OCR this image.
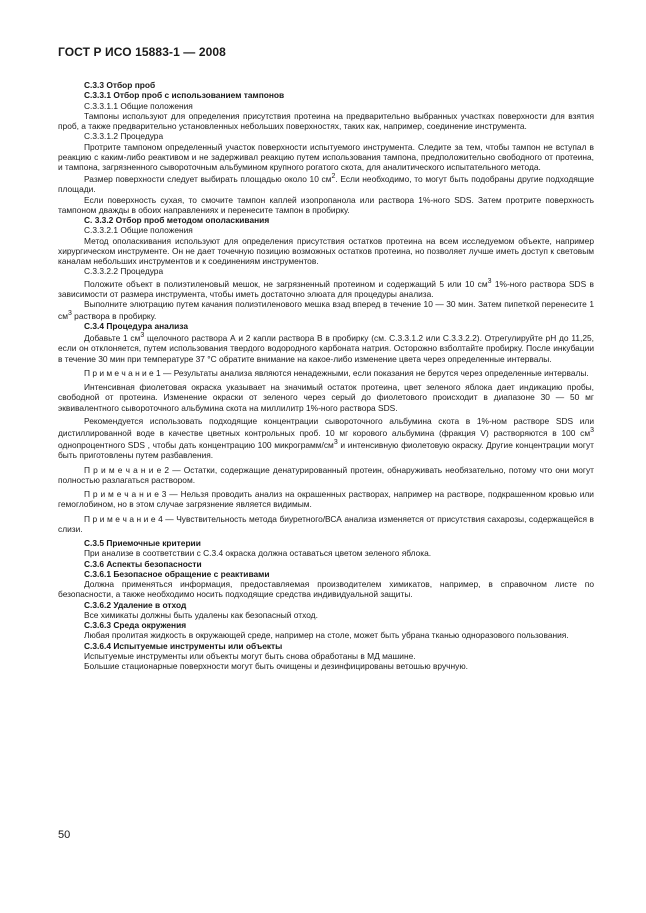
ГОСТ Р ИСО 15883-1 — 2008

С.3.3 Отбор проб

С.3.3.1 Отбор проб с использованием тампонов

С.3.3.1.1 Общие положения

Тампоны используют для определения присутствия протеина на предварительно выбранных участках поверхности для взятия проб, а также предварительно установленных небольших поверхностях, таких как, например, соединение инструмента.

С.3.3.1.2 Процедура

Протрите тампоном определенный участок поверхности испытуемого инструмента. Следите за тем, чтобы тампон не вступал в реакцию с каким-либо реактивом и не задерживал реакцию путем использования тампона, предположительно свободного от протеина, и тампона, загрязненного сывороточным альбумином крупного рогатого скота, для аналитического испытательного метода.

Размер поверхности следует выбирать площадью около 10 $см^2$. Если необходимо, то могут быть подобраны другие подходящие площади.

Если поверхность сухая, то смочите тампон каплей изопропанола или раствора 1%-ного SDS. Затем протрите поверхность тампоном дважды в обоих направлениях и перенесите тампон в пробирку.

С. 3.3.2 Отбор проб методом ополаскивания

С.3.3.2.1 Общие положения

Метод ополаскивания используют для определения присутствия остатков протеина на всем исследуемом объекте, например хирургическом инструменте. Он не дает точечную позицию возможных остатков протеина, но позволяет лучше иметь доступ к световым каналам небольших инструментов и к соединениям инструментов.

С.3.3.2.2 Процедура

Положите объект в полиэтиленовый мешок, не загрязненный протеином и содержащий 5 или 10 $см^3$ 1%-ного раствора SDS в зависимости от размера инструмента, чтобы иметь достаточно элюата для процедуры анализа.

Выполните элютрацию путем качания полиэтиленового мешка взад вперед в течение 10 — 30 мин. Затем пипеткой перенесите 1 $см^3$ раствора в пробирку.

С.3.4 Процедура анализа

Добавьте 1 $см^3$ щелочного раствора А и 2 капли раствора В в пробирку (см. С.3.3.1.2 или С.3.3.2.2). Отрегулируйте рН до 11,25, если он отклоняется, путем использования твердого водородного карбоната натрия. Осторожно взболтайте пробирку. После инкубации в течение 30 мин при температуре 37 °С обратите внимание на какое-либо изменение цвета через определенные интервалы.

П р и м е ч а н и е 1 — Результаты анализа являются ненадежными, если показания не берутся через определенные интервалы.

Интенсивная фиолетовая окраска указывает на значимый остаток протеина, цвет зеленого яблока дает индикацию пробы, свободной от протеина. Изменение окраски от зеленого через серый до фиолетового происходит в диапазоне 30 — 50 мг эквивалентного сывороточного альбумина скота на миллилитр 1%-ного раствора SDS.

Рекомендуется использовать подходящие концентрации сывороточного альбумина скота в 1%-ном растворе SDS или дистиллированной воде в качестве цветных контрольных проб. 10 мг корового альбумина (фракция V) растворяются в 100 $см^3$ однопроцентного SDS , чтобы дать концентрацию 100 микрограмм/$см^3$ и интенсивную фиолетовую окраску. Другие концентрации могут быть приготовлены путем разбавления.

П р и м е ч а н и е 2 — Остатки, содержащие денатурированный протеин, обнаруживать необязательно, потому что они могут полностью разлагаться раствором.

П р и м е ч а н и е 3 — Нельзя проводить анализ на окрашенных растворах, например на растворе, подкрашенном кровью или гемоглобином, но в этом случае загрязнение является видимым.

П р и м е ч а н и е 4 — Чувствительность метода биуретного/ВСА анализа изменяется от присутствия сахарозы, содержащейся в слизи.

С.3.5 Приемочные критерии

При анализе в соответствии с С.3.4 окраска должна оставаться цветом зеленого яблока.

С.3.6 Аспекты безопасности

С.3.6.1 Безопасное обращение с реактивами

Должна применяться информация, предоставляемая производителем химикатов, например, в справочном листе по безопасности, а также необходимо носить подходящие средства индивидуальной защиты.

С.3.6.2 Удаление в отход

Все химикаты должны быть удалены как безопасный отход.

С.3.6.3 Среда окружения

Любая пролитая жидкость в окружающей среде, например на столе, может быть убрана тканью одноразового пользования.

С.3.6.4 Испытуемые инструменты или объекты

Испытуемые инструменты или объекты могут быть снова обработаны в МД машине.

Большие стационарные поверхности могут быть очищены и дезинфицированы ветошью вручную.

50
